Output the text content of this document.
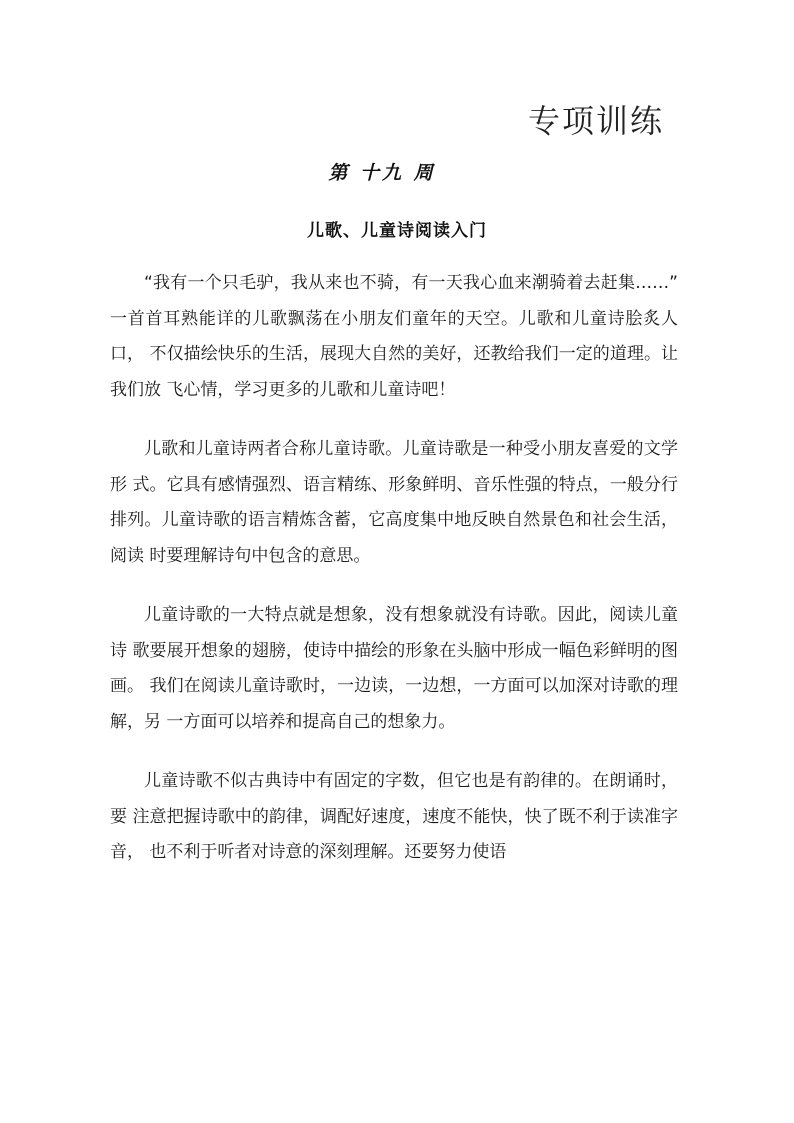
专项训练
第 十九 周
儿歌、儿童诗阅读入门

“我有一个只毛驴，我从来也不骑，有一天我心血来潮骑着去赶集……” 一首首耳熟能详的儿歌飘荡在小朋友们童年的天空。儿歌和儿童诗脍炙人口， 不仅描绘快乐的生活，展现大自然的美好，还教给我们一定的道理。让我们放 飞心情，学习更多的儿歌和儿童诗吧！

儿歌和儿童诗两者合称儿童诗歌。儿童诗歌是一种受小朋友喜爱的文学形 式。它具有感情强烈、语言精练、形象鲜明、音乐性强的特点，一般分行排列。儿童诗歌的语言精炼含蓄，它高度集中地反映自然景色和社会生活，阅读 时要理解诗句中包含的意思。

儿童诗歌的一大特点就是想象，没有想象就没有诗歌。因此，阅读儿童诗 歌要展开想象的翅膀，使诗中描绘的形象在头脑中形成一幅色彩鲜明的图画。 我们在阅读儿童诗歌时，一边读，一边想，一方面可以加深对诗歌的理解，另 一方面可以培养和提高自己的想象力。

儿童诗歌不似古典诗中有固定的字数，但它也是有韵律的。在朗诵时，要 注意把握诗歌中的韵律，调配好速度，速度不能快，快了既不利于读准字音， 也不利于听者对诗意的深刻理解。还要努力使语
